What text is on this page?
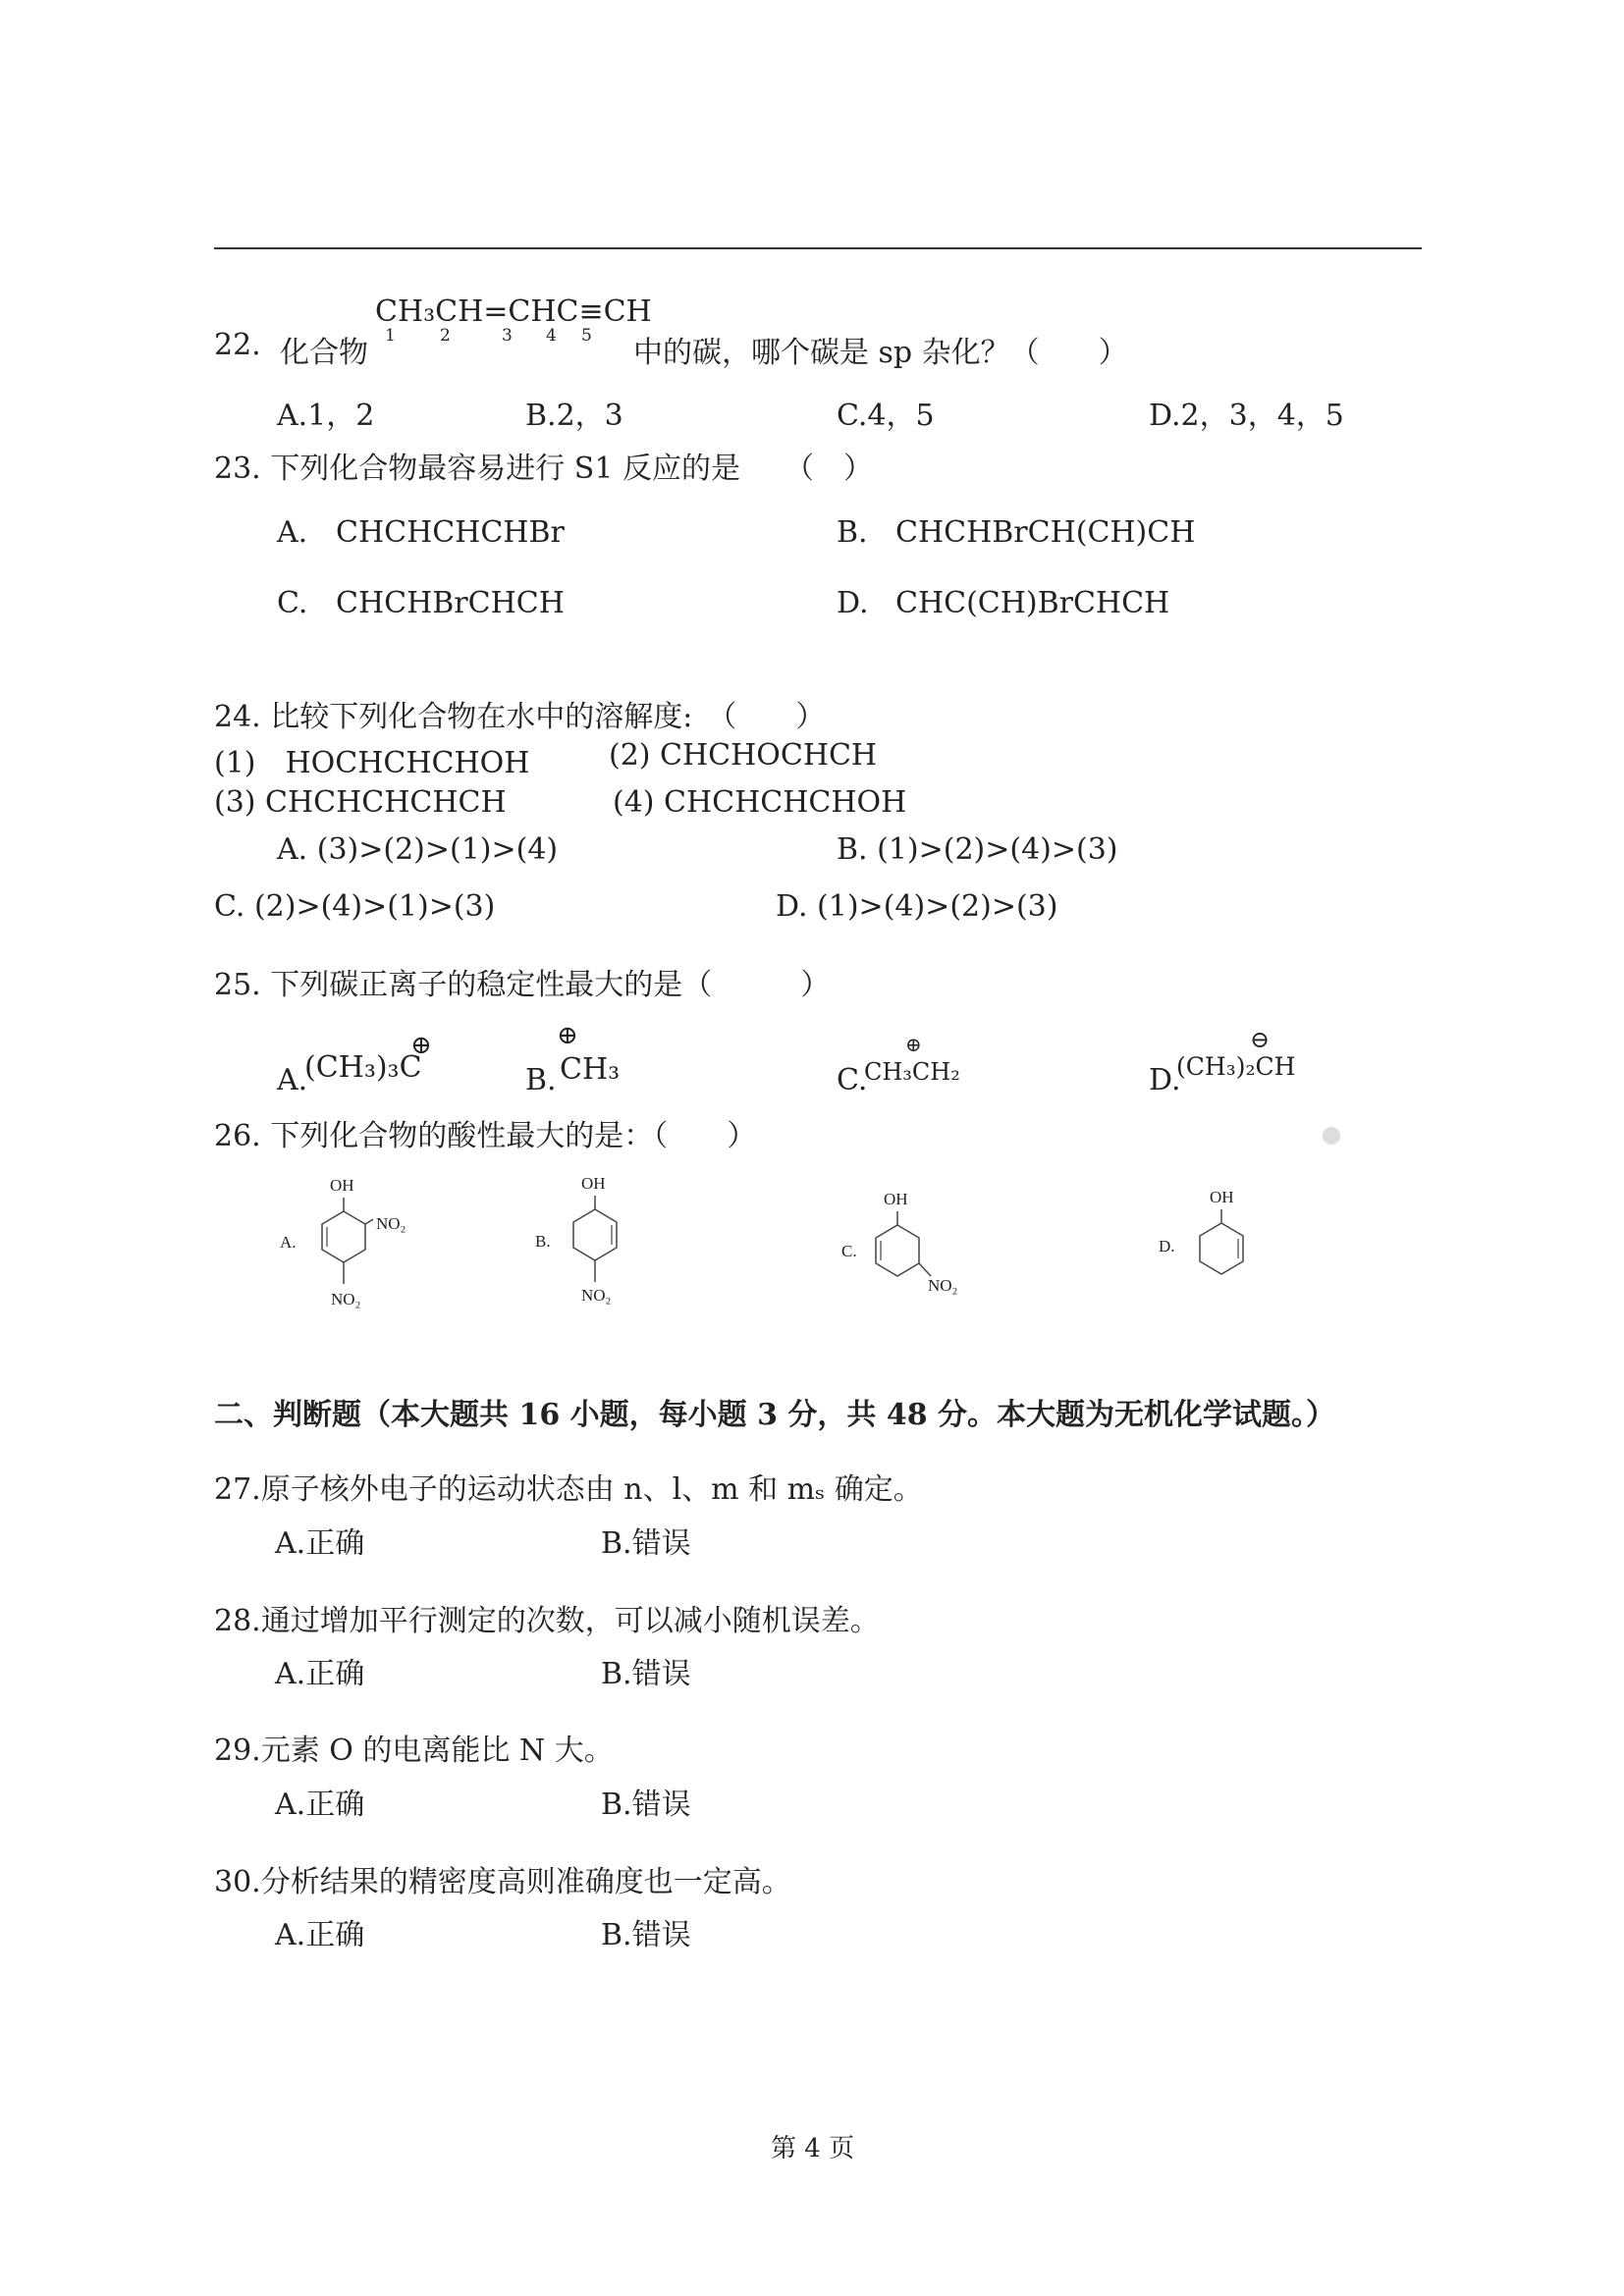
22. 化合物
CH₃CH=CHC≡CH
1	2	3 4 5 中的碳，哪个碳是 sp 杂化？（　　）
A.1，2	B.2，3	C.4，5	D.2，3，4，5
23. 下列化合物最容易进行 S1 反应的是　　（　）
A. CHCHCHCHBr	B. CHCHBrCH(CH)CH
C. CHCHBrCHCH	D. CHC(CH)BrCHCH
24. 比较下列化合物在水中的溶解度:　（　　）
(1)　HOCHCHCHOH	(2) CHCHOCHCH
(3) CHCHCHCHCH	(4) CHCHCHCHOH
A. (3)>(2)>(1)>(4)	B. (1)>(2)>(4)>(3)
C. (2)>(4)>(1)>(3)	D. (1)>(4)>(2)>(3)
25. 下列碳正离子的稳定性最大的是（　　　）
A.
(CH₃)₃C
⊕
B. CH₃
⊕
C.
CH₃CH₂
⊕
D.
(CH₃)₂CH
⊖
26. 下列化合物的酸性最大的是：（　　）
A.
OH
NO₂
NO₂
B.
OH
NO₂
C.
OH
NO₂
D.
OH
二、判断题（本大题共 16 小题，每小题 3 分，共 48 分。本大题为无机化学试题。）
27.原子核外电子的运动状态由 n、l、m 和 mₛ 确定。
A.正确	B.错误
28.通过增加平行测定的次数，可以减小随机误差。
A.正确	B.错误
29.元素 O 的电离能比 N 大。
A.正确	B.错误
30.分析结果的精密度高则准确度也一定高。
A.正确	B.错误
第 4 页
